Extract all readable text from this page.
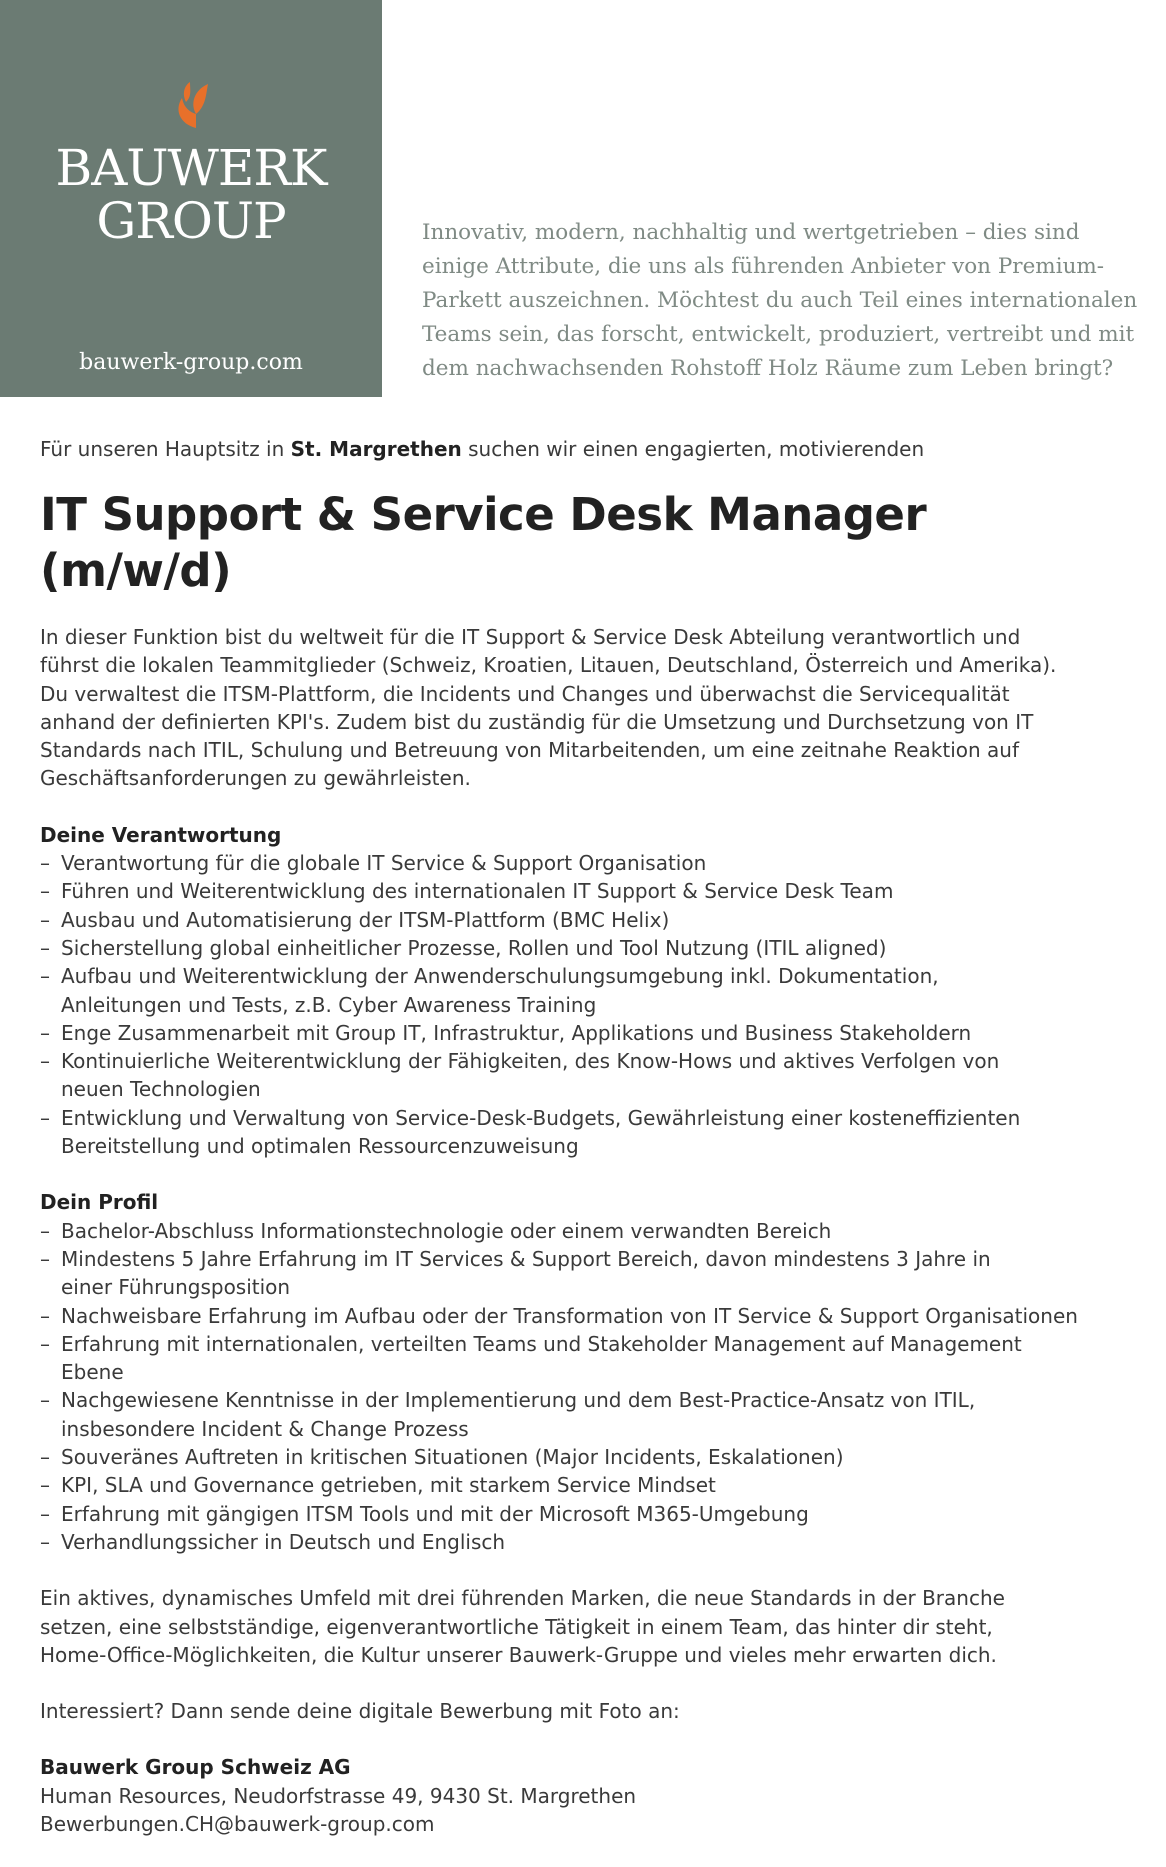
BAUWERK
GROUP
bauwerk-group.com
Innovativ, modern, nachhaltig und wertgetrieben – dies sind
einige Attribute, die uns als führenden Anbieter von Premium-
Parkett auszeichnen. Möchtest du auch Teil eines internationalen
Teams sein, das forscht, entwickelt, produziert, vertreibt und mit
dem nachwachsenden Rohstoff Holz Räume zum Leben bringt?
Für unseren Hauptsitz in St. Margrethen suchen wir einen engagierten, motivierenden
IT Support & Service Desk Manager
(m/w/d)
In dieser Funktion bist du weltweit für die IT Support & Service Desk Abteilung verantwortlich und
führst die lokalen Teammitglieder (Schweiz, Kroatien, Litauen, Deutschland, Österreich und Amerika).
Du verwaltest die ITSM-Plattform, die Incidents und Changes und überwachst die Servicequalität
anhand der definierten KPI's. Zudem bist du zuständig für die Umsetzung und Durchsetzung von IT
Standards nach ITIL, Schulung und Betreuung von Mitarbeitenden, um eine zeitnahe Reaktion auf
Geschäftsanforderungen zu gewährleisten.
Deine Verantwortung
– Verantwortung für die globale IT Service & Support Organisation
– Führen und Weiterentwicklung des internationalen IT Support & Service Desk Team
– Ausbau und Automatisierung der ITSM-Plattform (BMC Helix)
– Sicherstellung global einheitlicher Prozesse, Rollen und Tool Nutzung (ITIL aligned)
– Aufbau und Weiterentwicklung der Anwenderschulungsumgebung inkl. Dokumentation,
Anleitungen und Tests, z.B. Cyber Awareness Training
– Enge Zusammenarbeit mit Group IT, Infrastruktur, Applikations und Business Stakeholdern
– Kontinuierliche Weiterentwicklung der Fähigkeiten, des Know-Hows und aktives Verfolgen von
neuen Technologien
– Entwicklung und Verwaltung von Service-Desk-Budgets, Gewährleistung einer kosteneffizienten
Bereitstellung und optimalen Ressourcenzuweisung
Dein Profil
– Bachelor-Abschluss Informationstechnologie oder einem verwandten Bereich
– Mindestens 5 Jahre Erfahrung im IT Services & Support Bereich, davon mindestens 3 Jahre in
einer Führungsposition
– Nachweisbare Erfahrung im Aufbau oder der Transformation von IT Service & Support Organisationen
– Erfahrung mit internationalen, verteilten Teams und Stakeholder Management auf Management
Ebene
– Nachgewiesene Kenntnisse in der Implementierung und dem Best-Practice-Ansatz von ITIL,
insbesondere Incident & Change Prozess
– Souveränes Auftreten in kritischen Situationen (Major Incidents, Eskalationen)
– KPI, SLA und Governance getrieben, mit starkem Service Mindset
– Erfahrung mit gängigen ITSM Tools und mit der Microsoft M365-Umgebung
– Verhandlungssicher in Deutsch und Englisch
Ein aktives, dynamisches Umfeld mit drei führenden Marken, die neue Standards in der Branche
setzen, eine selbstständige, eigenverantwortliche Tätigkeit in einem Team, das hinter dir steht,
Home-Office-Möglichkeiten, die Kultur unserer Bauwerk-Gruppe und vieles mehr erwarten dich.
Interessiert? Dann sende deine digitale Bewerbung mit Foto an:
Bauwerk Group Schweiz AG
Human Resources, Neudorfstrasse 49, 9430 St. Margrethen
Bewerbungen.CH@bauwerk-group.com
